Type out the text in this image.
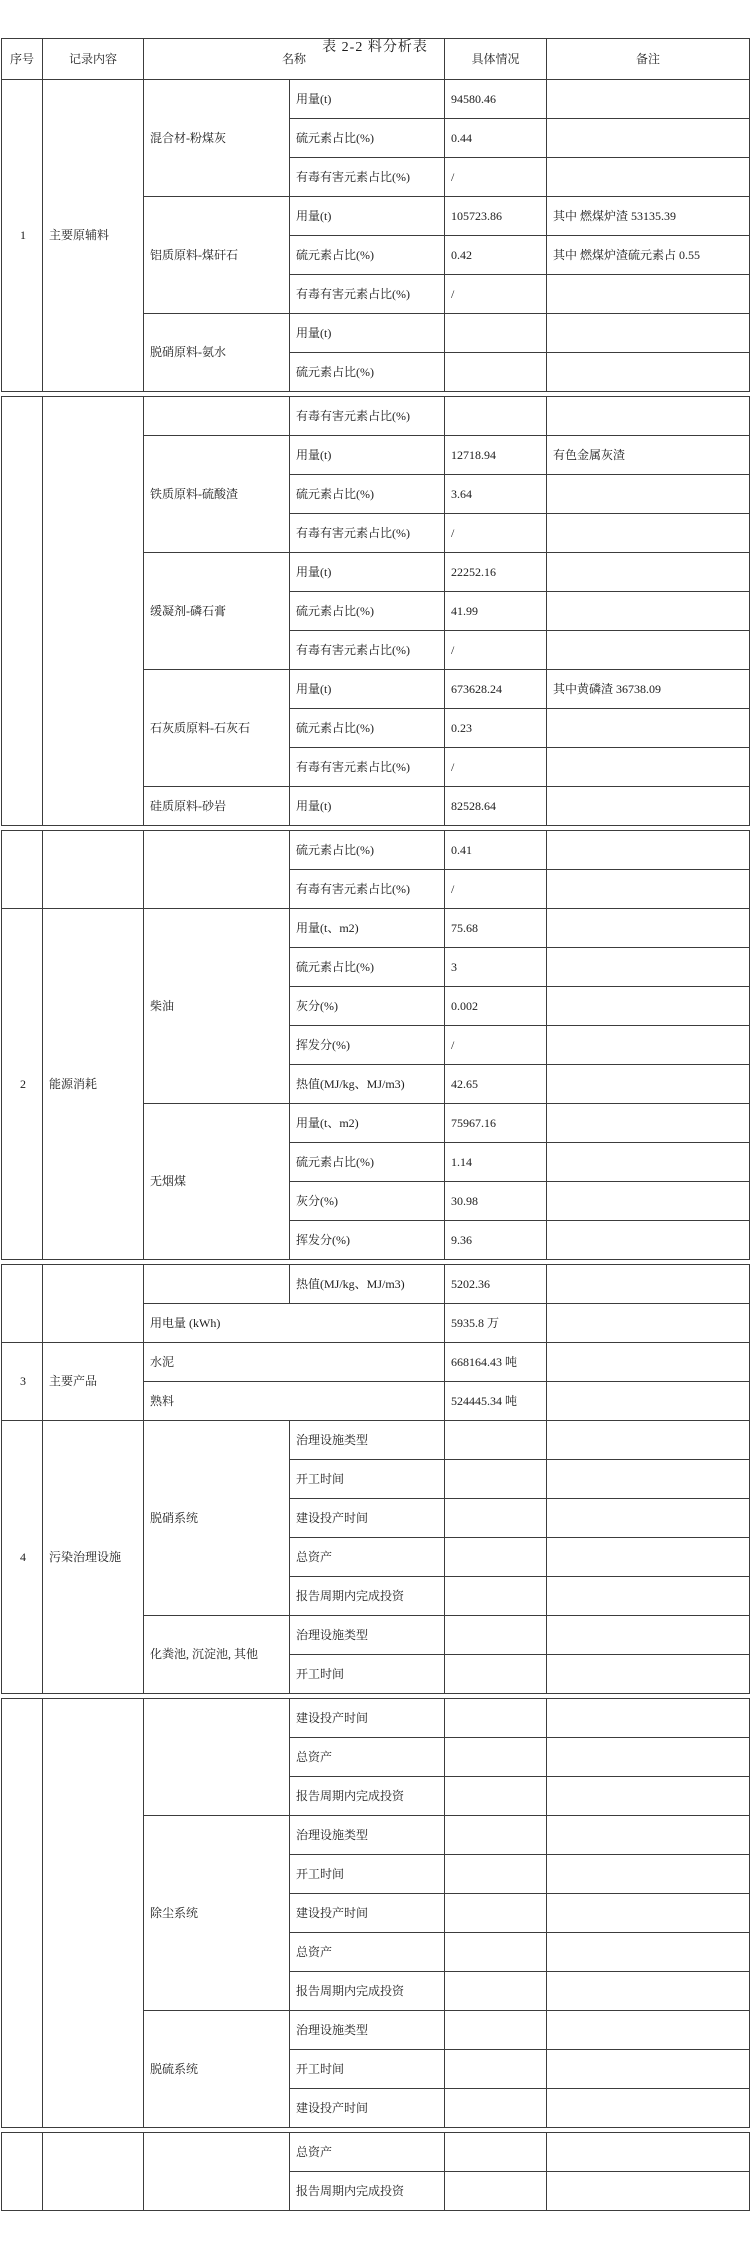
表 2-2 料分析表
序号	记录内容	名称		具体情况	备注
1	主要原辅料	混合材-粉煤灰	用量(t)	94580.46	
			硫元素占比(%)	0.44	
			有毒有害元素占比(%)	/	
		铝质原料-煤矸石	用量(t)	105723.86	其中 燃煤炉渣 53135.39
			硫元素占比(%)	0.42	其中 燃煤炉渣硫元素占 0.55
			有毒有害元素占比(%)	/	
		脱硝原料-氨水	用量(t)		
			硫元素占比(%)		
			有毒有害元素占比(%)		
		铁质原料-硫酸渣	用量(t)	12718.94	有色金属灰渣
			硫元素占比(%)	3.64	
			有毒有害元素占比(%)	/	
		缓凝剂-磷石膏	用量(t)	22252.16	
			硫元素占比(%)	41.99	
			有毒有害元素占比(%)	/	
		石灰质原料-石灰石	用量(t)	673628.24	其中黄磷渣 36738.09
			硫元素占比(%)	0.23	
			有毒有害元素占比(%)	/	
		硅质原料-砂岩	用量(t)	82528.64	
			硫元素占比(%)	0.41	
			有毒有害元素占比(%)	/	
2	能源消耗	柴油	用量(t、m2)	75.68	
			硫元素占比(%)	3	
			灰分(%)	0.002	
			挥发分(%)	/	
			热值(MJ/kg、MJ/m3)	42.65	
		无烟煤	用量(t、m2)	75967.16	
			硫元素占比(%)	1.14	
			灰分(%)	30.98	
			挥发分(%)	9.36	
			热值(MJ/kg、MJ/m3)	5202.36	
		用电量 (kWh)		5935.8 万	
3	主要产品	水泥		668164.43 吨	
		熟料		524445.34 吨	
4	污染治理设施	脱硝系统	治理设施类型		
			开工时间		
			建设投产时间		
			总资产		
			报告周期内完成投资		
		化粪池, 沉淀池, 其他	治理设施类型		
			开工时间		
			建设投产时间		
			总资产		
			报告周期内完成投资		
		除尘系统	治理设施类型		
			开工时间		
			建设投产时间		
			总资产		
			报告周期内完成投资		
		脱硫系统	治理设施类型		
			开工时间		
			建设投产时间		
			总资产		
			报告周期内完成投资		
